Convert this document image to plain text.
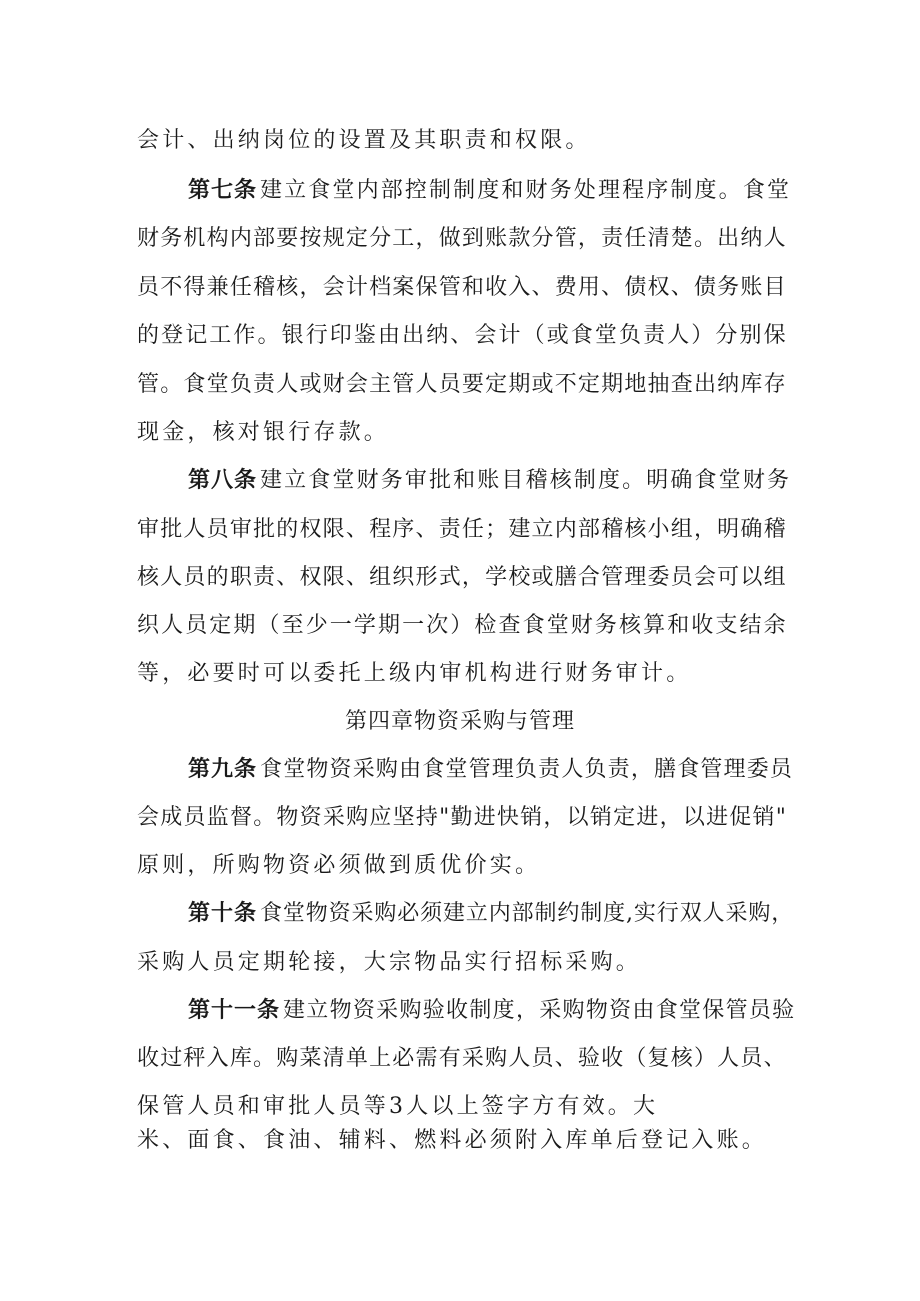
会计、出纳岗位的设置及其职责和权限。
第七条 建立食堂内部控制制度和财务处理程序制度。食堂
财务机构内部要按规定分工，做到账款分管，责任清楚。出纳人
员不得兼任稽核，会计档案保管和收入、费用、债权、债务账目
的登记工作。银行印鉴由出纳、会计（或食堂负责人）分别保
管。食堂负责人或财会主管人员要定期或不定期地抽查出纳库存
现金，核对银行存款。
第八条 建立食堂财务审批和账目稽核制度。明确食堂财务
审批人员审批的权限、程序、责任；建立内部稽核小组，明确稽
核人员的职责、权限、组织形式，学校或膳合管理委员会可以组
织人员定期（至少一学期一次）检查食堂财务核算和收支结余
等，必要时可以委托上级内审机构进行财务审计。
第四章物资采购与管理
第九条 食堂物资采购由食堂管理负责人负责，膳食管理委员
会成员监督。物资采购应坚持"勤进快销，以销定进，以进促销"
原则，所购物资必须做到质优价实。
第十条 食堂物资采购必须建立内部制约制度,实行双人采购，
采购人员定期轮接，大宗物品实行招标采购。
第十一条 建立物资采购验收制度，采购物资由食堂保管员验
收过秤入库。购菜清单上必需有采购人员、验收（复核）人员、
保管人员和审批人员等3人以上签字方有效。大
米、面食、食油、辅料、燃料必须附入库单后登记入账。
